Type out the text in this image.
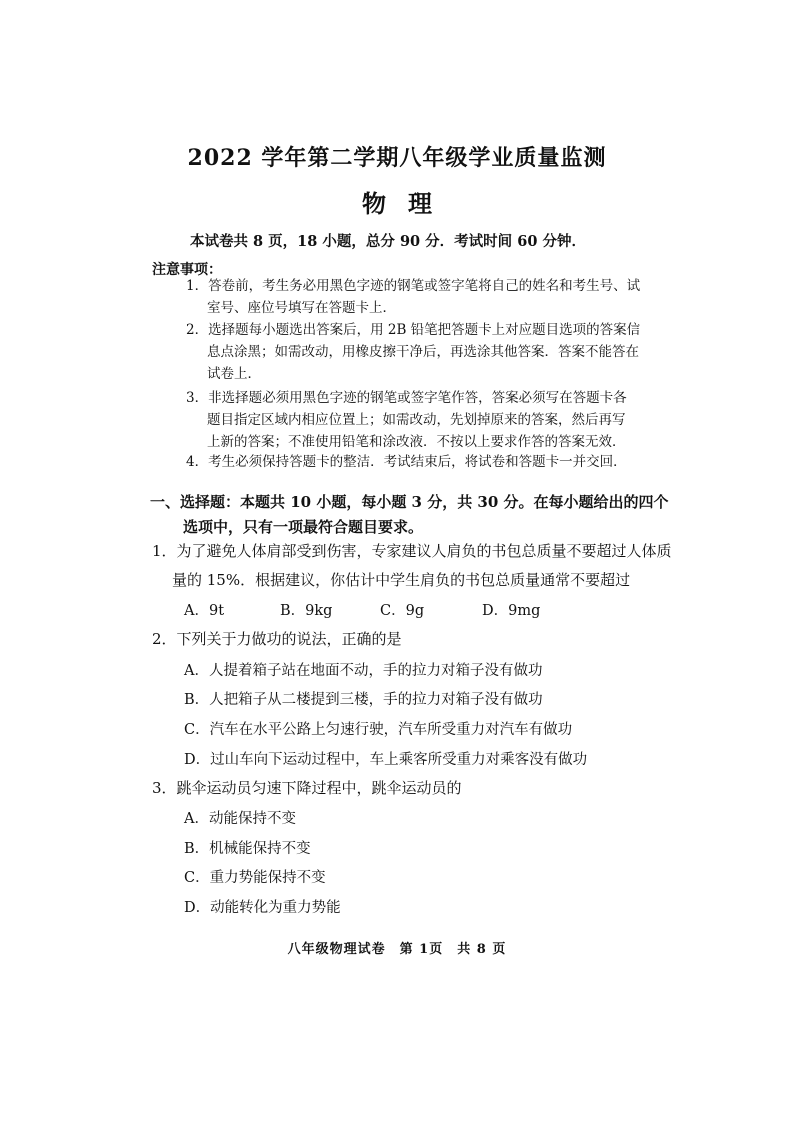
2022 学年第二学期八年级学业质量监测
物理
本试卷共 8 页，18 小题，总分 90 分．考试时间 60 分钟．
注意事项：
1．答卷前，考生务必用黑色字迹的钢笔或签字笔将自己的姓名和考生号、试
室号、座位号填写在答题卡上．
2．选择题每小题选出答案后，用 2B 铅笔把答题卡上对应题目选项的答案信
息点涂黑；如需改动，用橡皮擦干净后，再选涂其他答案．答案不能答在
试卷上．
3．非选择题必须用黑色字迹的钢笔或签字笔作答，答案必须写在答题卡各
题目指定区域内相应位置上；如需改动，先划掉原来的答案，然后再写
上新的答案；不准使用铅笔和涂改液．不按以上要求作答的答案无效．
4．考生必须保持答题卡的整洁．考试结束后，将试卷和答题卡一并交回．
一、选择题：本题共 10 小题，每小题 3 分，共 30 分。在每小题给出的四个
选项中，只有一项最符合题目要求。
1．为了避免人体肩部受到伤害，专家建议人肩负的书包总质量不要超过人体质
量的 15%．根据建议，你估计中学生肩负的书包总质量通常不要超过
A．9t	B．9kg	C．9g	D．9mg
2．下列关于力做功的说法，正确的是
A．人提着箱子站在地面不动，手的拉力对箱子没有做功
B．人把箱子从二楼提到三楼，手的拉力对箱子没有做功
C．汽车在水平公路上匀速行驶，汽车所受重力对汽车有做功
D．过山车向下运动过程中，车上乘客所受重力对乘客没有做功
3．跳伞运动员匀速下降过程中，跳伞运动员的
A．动能保持不变
B．机械能保持不变
C．重力势能保持不变
D．动能转化为重力势能
八年级物理试卷　第 1页　共 8 页
